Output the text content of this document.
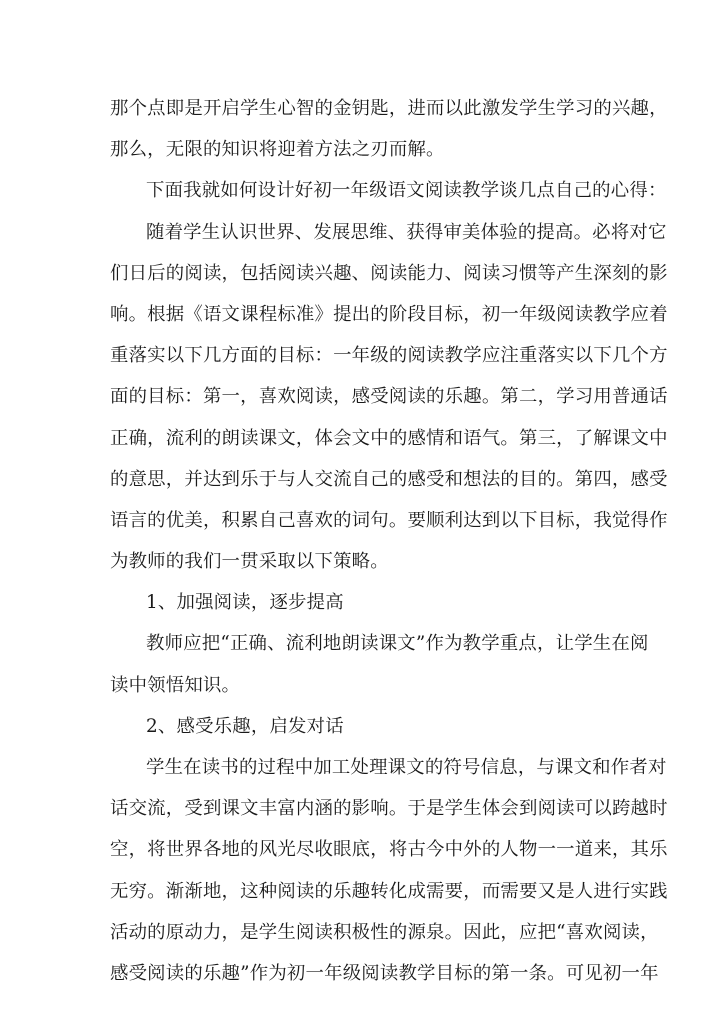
那个点即是开启学生心智的金钥匙，进而以此激发学生学习的兴趣，
那么，无限的知识将迎着方法之刃而解。
下面我就如何设计好初一年级语文阅读教学谈几点自己的心得：
随着学生认识世界、发展思维、获得审美体验的提高。必将对它
们日后的阅读，包括阅读兴趣、阅读能力、阅读习惯等产生深刻的影
响。根据《语文课程标准》提出的阶段目标，初一年级阅读教学应着
重落实以下几方面的目标：一年级的阅读教学应注重落实以下几个方
面的目标：第一，喜欢阅读，感受阅读的乐趣。第二，学习用普通话
正确，流利的朗读课文，体会文中的感情和语气。第三，了解课文中
的意思，并达到乐于与人交流自己的感受和想法的目的。第四，感受
语言的优美，积累自己喜欢的词句。要顺利达到以下目标，我觉得作
为教师的我们一贯采取以下策略。
1、加强阅读，逐步提高
教师应把“正确、流利地朗读课文”作为教学重点，让学生在阅
读中领悟知识。
2、感受乐趣，启发对话
学生在读书的过程中加工处理课文的符号信息，与课文和作者对
话交流，受到课文丰富内涵的影响。于是学生体会到阅读可以跨越时
空，将世界各地的风光尽收眼底，将古今中外的人物一一道来，其乐
无穷。渐渐地，这种阅读的乐趣转化成需要，而需要又是人进行实践
活动的原动力，是学生阅读积极性的源泉。因此，应把“喜欢阅读，
感受阅读的乐趣”作为初一年级阅读教学目标的第一条。可见初一年
